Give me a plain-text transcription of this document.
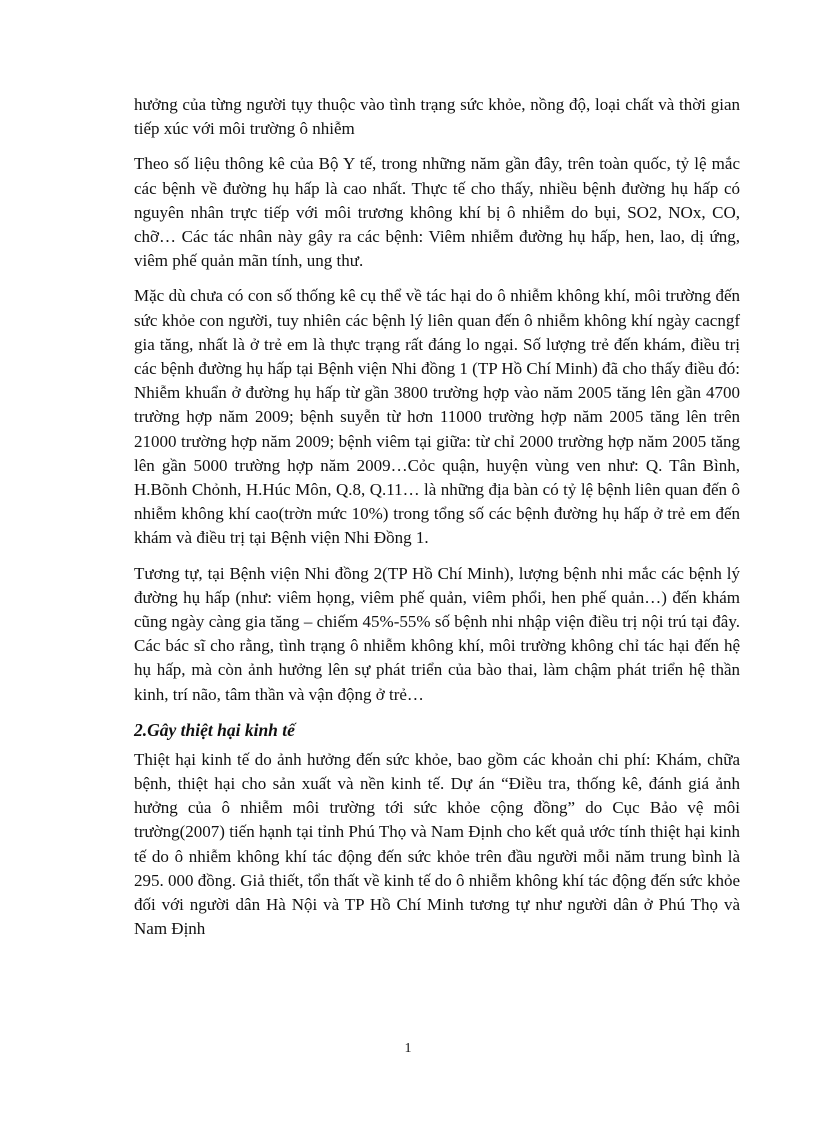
hưởng của từng người tụy thuộc vào tình trạng sức khỏe, nồng độ, loại chất và thời gian tiếp xúc với môi trường ô nhiễm

Theo số liệu thông kê của Bộ Y tế, trong những năm gần đây, trên toàn quốc, tỷ lệ mắc các bệnh về đường hụ hấp là cao nhất. Thực tế cho thấy, nhiều bệnh đường hụ hấp có nguyên nhân trực tiếp với môi trương không khí bị ô nhiễm do bụi, SO2, NOx, CO, chỡ… Các tác nhân này gây ra các bệnh: Viêm nhiễm đường hụ hấp, hen, lao, dị ứng, viêm phế quản mãn tính, ung thư.

Mặc dù chưa có con số thống kê cụ thể về tác hại do ô nhiễm không khí, môi trường đến sức khỏe con người, tuy nhiên các bệnh lý liên quan đến ô nhiễm không khí ngày cacngf gia tăng, nhất là ở trẻ em là thực trạng rất đáng lo ngại. Số lượng trẻ đến khám, điều trị các bệnh đường hụ hấp tại Bệnh viện Nhi đồng 1 (TP Hồ Chí Minh) đã cho thấy điều đó: Nhiễm khuẩn ở đường hụ hấp từ gần 3800 trường hợp vào năm 2005 tăng lên gần 4700 trường hợp năm 2009; bệnh suyễn từ hơn 11000 trường hợp năm 2005 tăng lên trên 21000 trường hợp năm 2009; bệnh viêm tại giữa: từ chỉ 2000 trường hợp năm 2005 tăng lên gần 5000 trường hợp năm 2009…Cỏc quận, huyện vùng ven như: Q. Tân Bình, H.Bõnh Chỏnh, H.Húc Môn, Q.8, Q.11… là những địa bàn có tỷ lệ bệnh liên quan đến ô nhiễm không khí cao(trờn mức 10%) trong tổng số các bệnh đường hụ hấp ở trẻ em đến khám và điều trị tại Bệnh viện Nhi Đồng 1.

Tương tự, tại Bệnh viện Nhi đồng 2(TP Hồ Chí Minh), lượng bệnh nhi mắc các bệnh lý đường hụ hấp (như: viêm họng, viêm phế quản, viêm phổi, hen phế quản…) đến khám cũng ngày càng gia tăng – chiếm 45%-55% số bệnh nhi nhập viện điều trị nội trú tại đây. Các bác sĩ cho rằng, tình trạng ô nhiễm không khí, môi trường không chỉ tác hại đến hệ hụ hấp, mà còn ảnh hưởng lên sự phát triển của bào thai, làm chậm phát triển hệ thần kinh, trí não, tâm thần và vận động ở trẻ…

2.Gây thiệt hại kinh tế

Thiệt hại kinh tế do ảnh hưởng đến sức khỏe, bao gồm các khoản chi phí: Khám, chữa bệnh, thiệt hại cho sản xuất và nền kinh tế. Dự án “Điều tra, thống kê, đánh giá ảnh hưởng của ô nhiễm môi trường tới sức khỏe cộng đồng” do Cục Bảo vệ môi trường(2007) tiến hạnh tại tỉnh Phú Thọ và Nam Định cho kết quả ước tính thiệt hại kinh tế do ô nhiễm không khí tác động đến sức khỏe trên đầu người mỗi năm trung bình là 295. 000 đồng. Giả thiết, tổn thất về kinh tế do ô nhiễm không khí tác động đến sức khỏe đối với người dân Hà Nội và TP Hồ Chí Minh tương tự như người dân ở Phú Thọ và Nam Định

1
